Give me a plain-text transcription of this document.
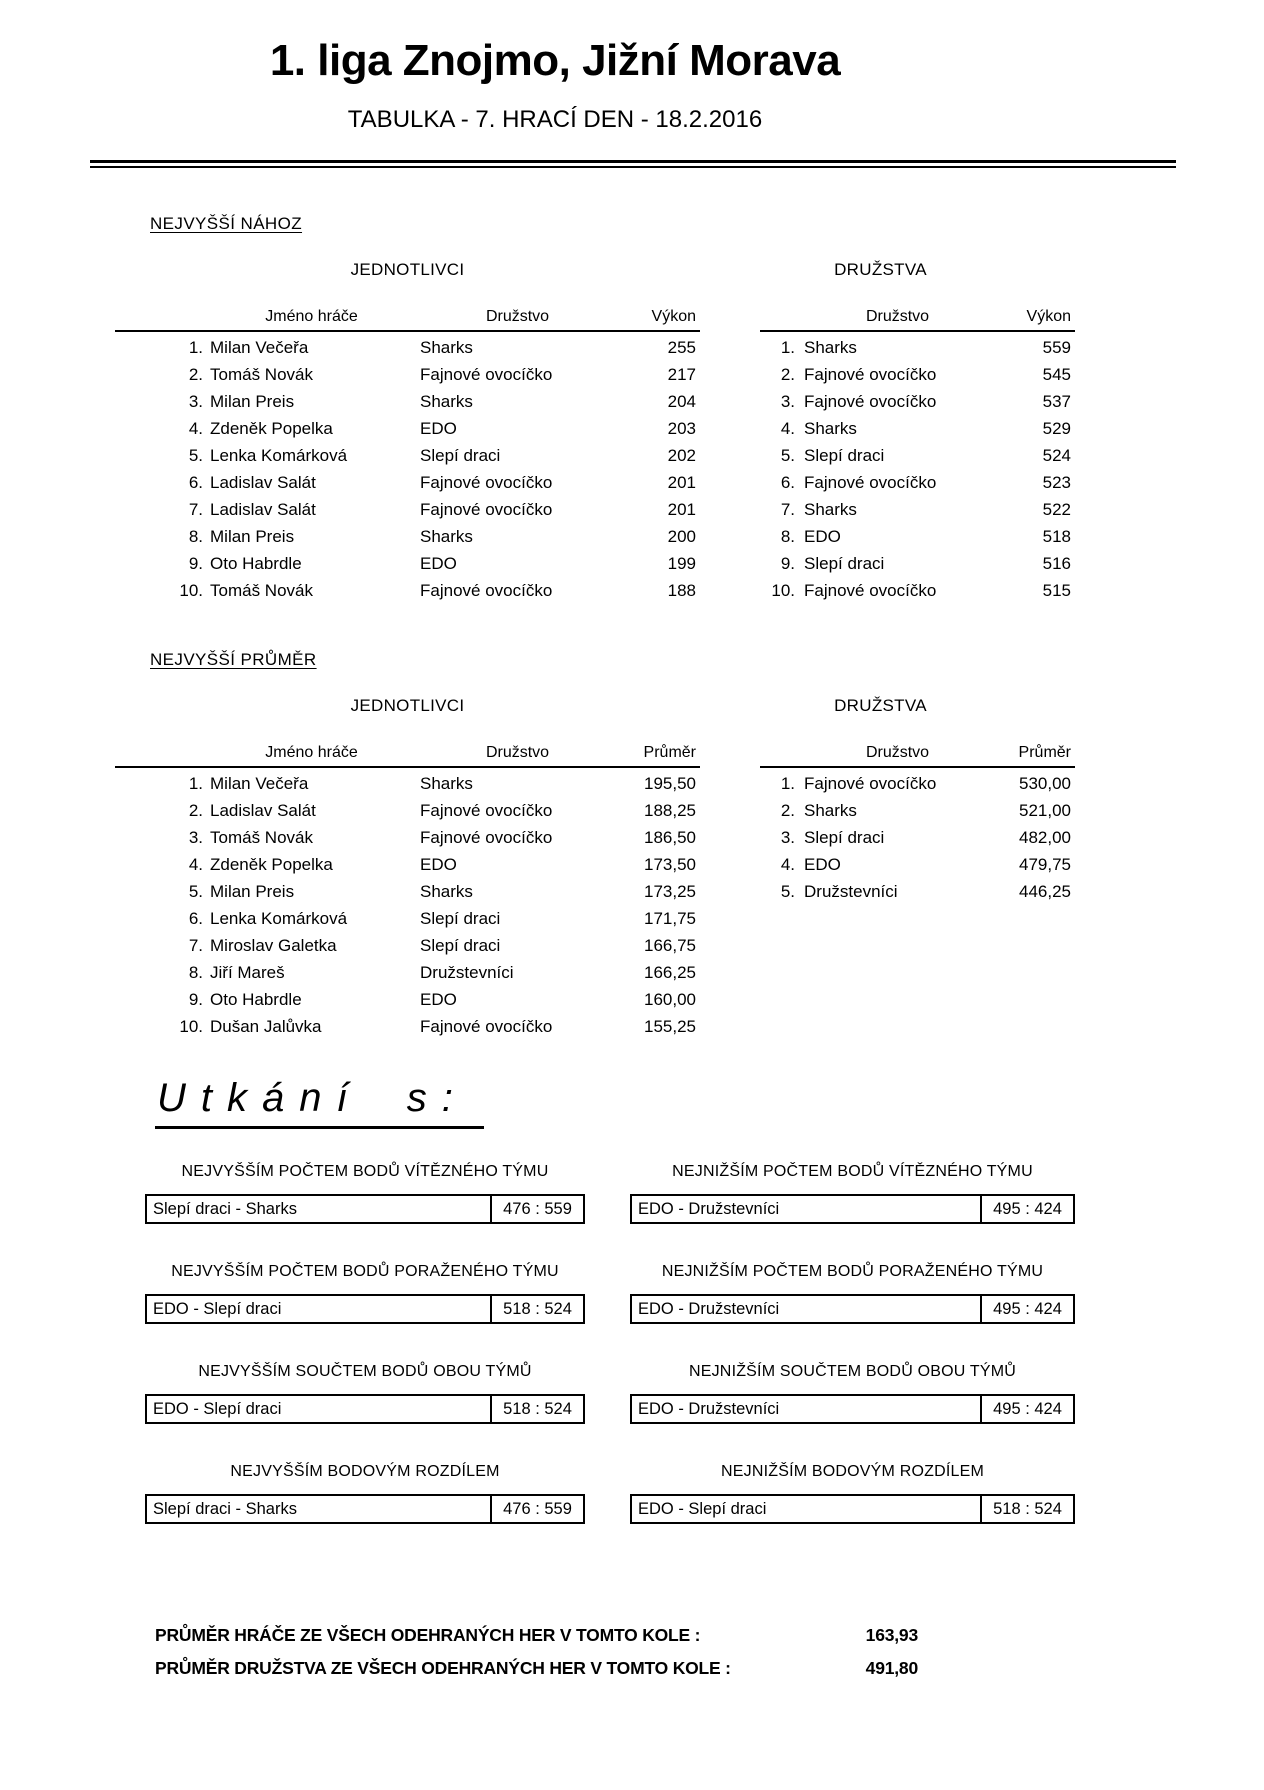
1. liga Znojmo, Jižní Morava
TABULKA - 7. HRACÍ DEN - 18.2.2016
NEJVYŠŠÍ NÁHOZ
JEDNOTLIVCI
Jméno hráče	Družstvo	Výkon
1. Milan Večeřa	Sharks	255
2. Tomáš Novák	Fajnové ovocíčko	217
3. Milan Preis	Sharks	204
4. Zdeněk Popelka	EDO	203
5. Lenka Komárková	Slepí draci	202
6. Ladislav Salát	Fajnové ovocíčko	201
7. Ladislav Salát	Fajnové ovocíčko	201
8. Milan Preis	Sharks	200
9. Oto Habrdle	EDO	199
10. Tomáš Novák	Fajnové ovocíčko	188
DRUŽSTVA
Družstvo	Výkon
1. Sharks	559
2. Fajnové ovocíčko	545
3. Fajnové ovocíčko	537
4. Sharks	529
5. Slepí draci	524
6. Fajnové ovocíčko	523
7. Sharks	522
8. EDO	518
9. Slepí draci	516
10. Fajnové ovocíčko	515
NEJVYŠŠÍ PRŮMĚR
JEDNOTLIVCI
Jméno hráče	Družstvo	Průměr
1. Milan Večeřa	Sharks	195,50
2. Ladislav Salát	Fajnové ovocíčko	188,25
3. Tomáš Novák	Fajnové ovocíčko	186,50
4. Zdeněk Popelka	EDO	173,50
5. Milan Preis	Sharks	173,25
6. Lenka Komárková	Slepí draci	171,75
7. Miroslav Galetka	Slepí draci	166,75
8. Jiří Mareš	Družstevníci	166,25
9. Oto Habrdle	EDO	160,00
10. Dušan Jalůvka	Fajnové ovocíčko	155,25
DRUŽSTVA
Družstvo	Průměr
1. Fajnové ovocíčko	530,00
2. Sharks	521,00
3. Slepí draci	482,00
4. EDO	479,75
5. Družstevníci	446,25
Utkání s:
NEJVYŠŠÍM POČTEM BODŮ VÍTĚZNÉHO TÝMU
Slepí draci - Sharks	476 : 559
NEJVYŠŠÍM POČTEM BODŮ PORAŽENÉHO TÝMU
EDO - Slepí draci	518 : 524
NEJVYŠŠÍM SOUČTEM BODŮ OBOU TÝMŮ
EDO - Slepí draci	518 : 524
NEJVYŠŠÍM BODOVÝM ROZDÍLEM
Slepí draci - Sharks	476 : 559
NEJNIŽŠÍM POČTEM BODŮ VÍTĚZNÉHO TÝMU
EDO - Družstevníci	495 : 424
NEJNIŽŠÍM POČTEM BODŮ PORAŽENÉHO TÝMU
EDO - Družstevníci	495 : 424
NEJNIŽŠÍM SOUČTEM BODŮ OBOU TÝMŮ
EDO - Družstevníci	495 : 424
NEJNIŽŠÍM BODOVÝM ROZDÍLEM
EDO - Slepí draci	518 : 524
PRŮMĚR HRÁČE ZE VŠECH ODEHRANÝCH HER V TOMTO KOLE :	163,93
PRŮMĚR DRUŽSTVA ZE VŠECH ODEHRANÝCH HER V TOMTO KOLE :	491,80
